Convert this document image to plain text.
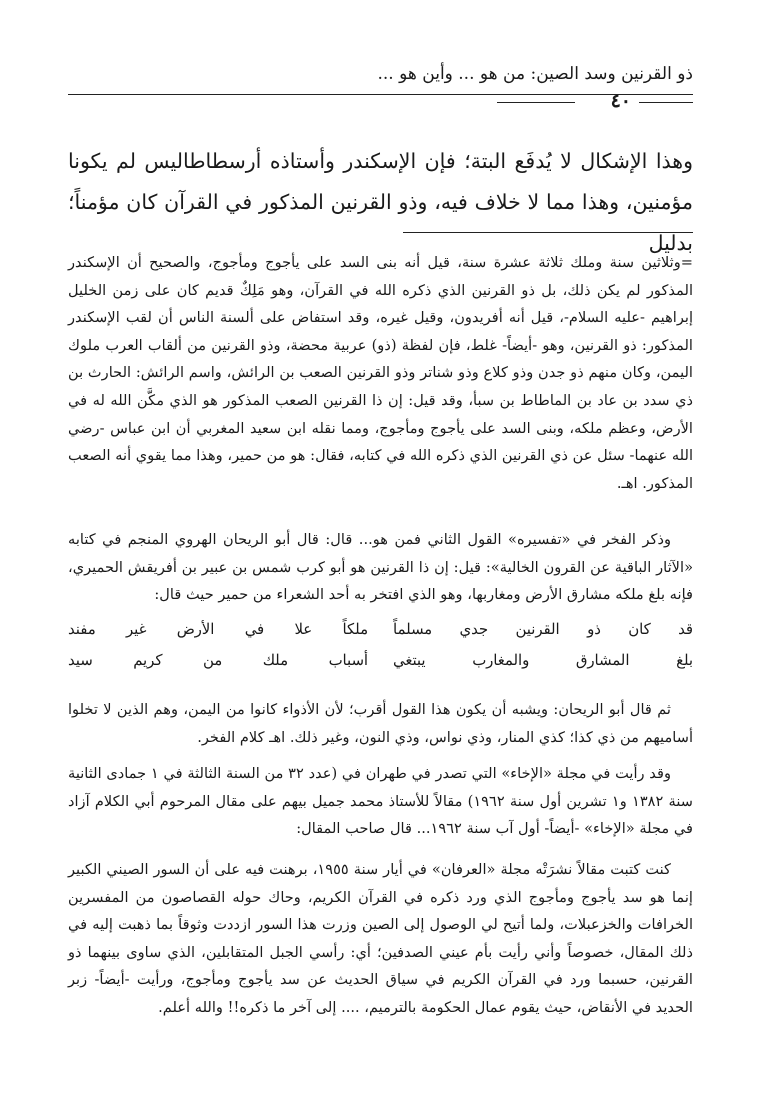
ذو القرنين وسد الصين: من هو ... وأين هو ...
٤٠

وهذا الإشكال لا يُدفَع البتة؛ فإن الإسكندر وأستاذه أرسطاطاليس لم يكونا مؤمنين، وهذا مما لا خلاف فيه، وذو القرنين المذكور في القرآن كان مؤمناً؛ بدليل

=وثلاثين سنة وملك ثلاثة عشرة سنة، قيل أنه بنى السد على يأجوج ومأجوج، والصحيح أن الإسكندر المذكور لم يكن ذلك، بل ذو القرنين الذي ذكره الله في القرآن، وهو مَلِكٌ قديم كان على زمن الخليل إبراهيم -عليه السلام-، قيل أنه أفريدون، وقيل غيره، وقد استفاض على ألسنة الناس أن لقب الإسكندر المذكور: ذو القرنين، وهو -أيضاً- غلط، فإن لفظة (ذو) عربية محضة، وذو القرنين من ألقاب العرب ملوك اليمن، وكان منهم ذو جدن وذو كلاع وذو شناتر وذو القرنين الصعب بن الرائش، واسم الرائش: الحارث بن ذي سدد بن عاد بن الماطاط بن سبأ، وقد قيل: إن ذا القرنين الصعب المذكور هو الذي مكَّن الله له في الأرض، وعظم ملكه، وبنى السد على يأجوج ومأجوج، ومما نقله ابن سعيد المغربي أن ابن عباس -رضي الله عنهما- سئل عن ذي القرنين الذي ذكره الله في كتابه، فقال: هو من حمير، وهذا مما يقوي أنه الصعب المذكور. اهـ.

وذكر الفخر في «تفسيره» القول الثاني فمن هو... قال: قال أبو الريحان الهروي المنجم في كتابه «الآثار الباقية عن القرون الخالية»: قيل: إن ذا القرنين هو أبو كرب شمس بن عبير بن أفريقش الحميري، فإنه بلغ ملكه مشارق الأرض ومغاربها، وهو الذي افتخر به أحد الشعراء من حمير حيث قال:

قد كان ذو القرنين جدي مسلماً
ملكاً علا في الأرض غير مفند
بلغ المشارق والمغارب يبتغي
أسباب ملك من كريم سيد

ثم قال أبو الريحان: ويشبه أن يكون هذا القول أقرب؛ لأن الأذواء كانوا من اليمن، وهم الذين لا تخلوا أساميهم من ذي كذا؛ كذي المنار، وذي نواس، وذي النون، وغير ذلك. اهـ كلام الفخر.

وقد رأيت في مجلة «الإخاء» التي تصدر في طهران في (عدد ٣٢ من السنة الثالثة في ١ جمادى الثانية سنة ١٣٨٢ و١ تشرين أول سنة ١٩٦٢) مقالاً للأستاذ محمد جميل بيهم على مقال المرحوم أبي الكلام آزاد في مجلة «الإخاء» -أيضاً- أول آب سنة ١٩٦٢... قال صاحب المقال:

كنت كتبت مقالاً نشرَتْه مجلة «العرفان» في أيار سنة ١٩٥٥، برهنت فيه على أن السور الصيني الكبير إنما هو سد يأجوج ومأجوج الذي ورد ذكره في القرآن الكريم، وحاك حوله القصاصون من المفسرين الخرافات والخزعبلات، ولما أتيح لي الوصول إلى الصين وزرت هذا السور ازددت وثوقاً بما ذهبت إليه في ذلك المقال، خصوصاً وأني رأيت بأم عيني الصدفين؛ أي: رأسي الجبل المتقابلين، الذي ساوى بينهما ذو القرنين، حسبما ورد في القرآن الكريم في سياق الحديث عن سد يأجوج ومأجوج، ورأيت -أيضاً- زبر الحديد في الأنقاض، حيث يقوم عمال الحكومة بالترميم، .... إلى آخر ما ذكره!! والله أعلم.
